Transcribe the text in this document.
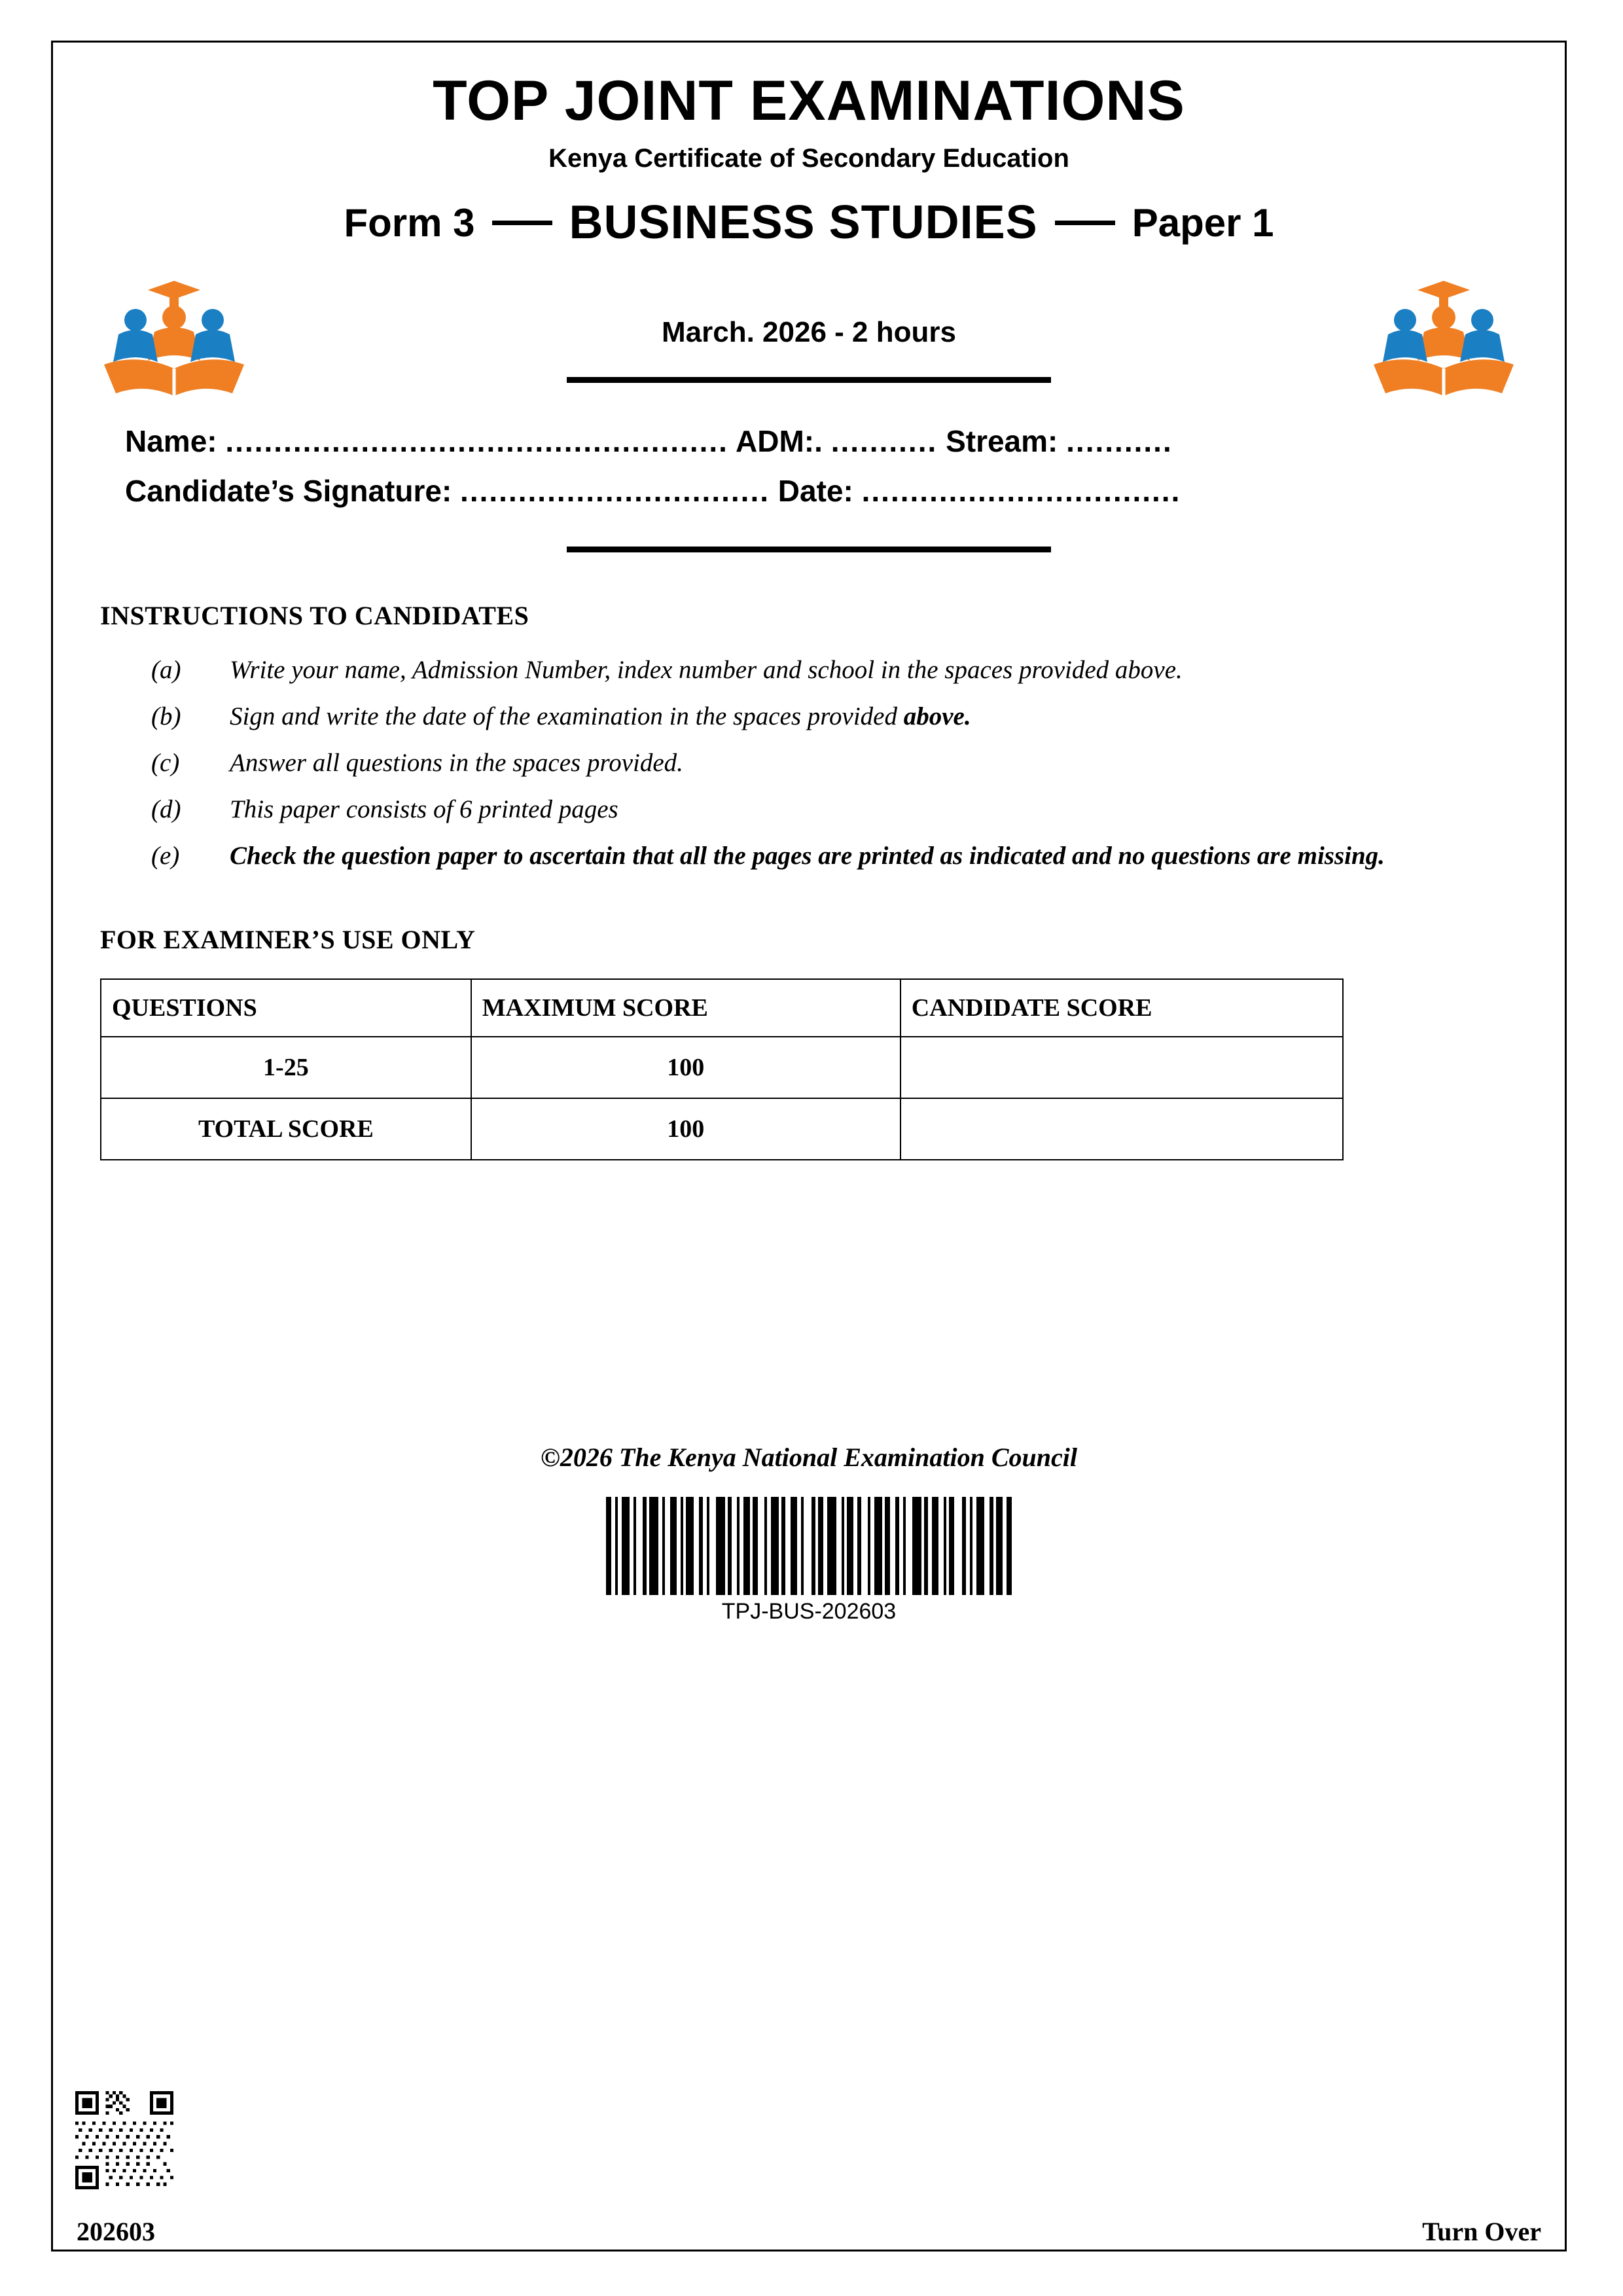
TOP JOINT EXAMINATIONS
Kenya Certificate of Secondary Education
Form 3 BUSINESS STUDIES Paper 1
March. 2026 - 2 hours
Name: .................................................... ADM:. ........... Stream: ...........
Candidate’s Signature: ................................ Date: .................................
INSTRUCTIONS TO CANDIDATES
(a)	Write your name, Admission Number, index number and school in the spaces provided above.
(b)	Sign and write the date of the examination in the spaces provided above.
(c)	Answer all questions in the spaces provided.
(d)	This paper consists of 6 printed pages
(e)	Check the question paper to ascertain that all the pages are printed as indicated and no questions are missing.
FOR EXAMINER’S USE ONLY
QUESTIONS	MAXIMUM SCORE	CANDIDATE SCORE
1-25	100	
TOTAL SCORE	100	
©2026 The Kenya National Examination Council

TPJ-BUS-202603
202603	Turn Over
